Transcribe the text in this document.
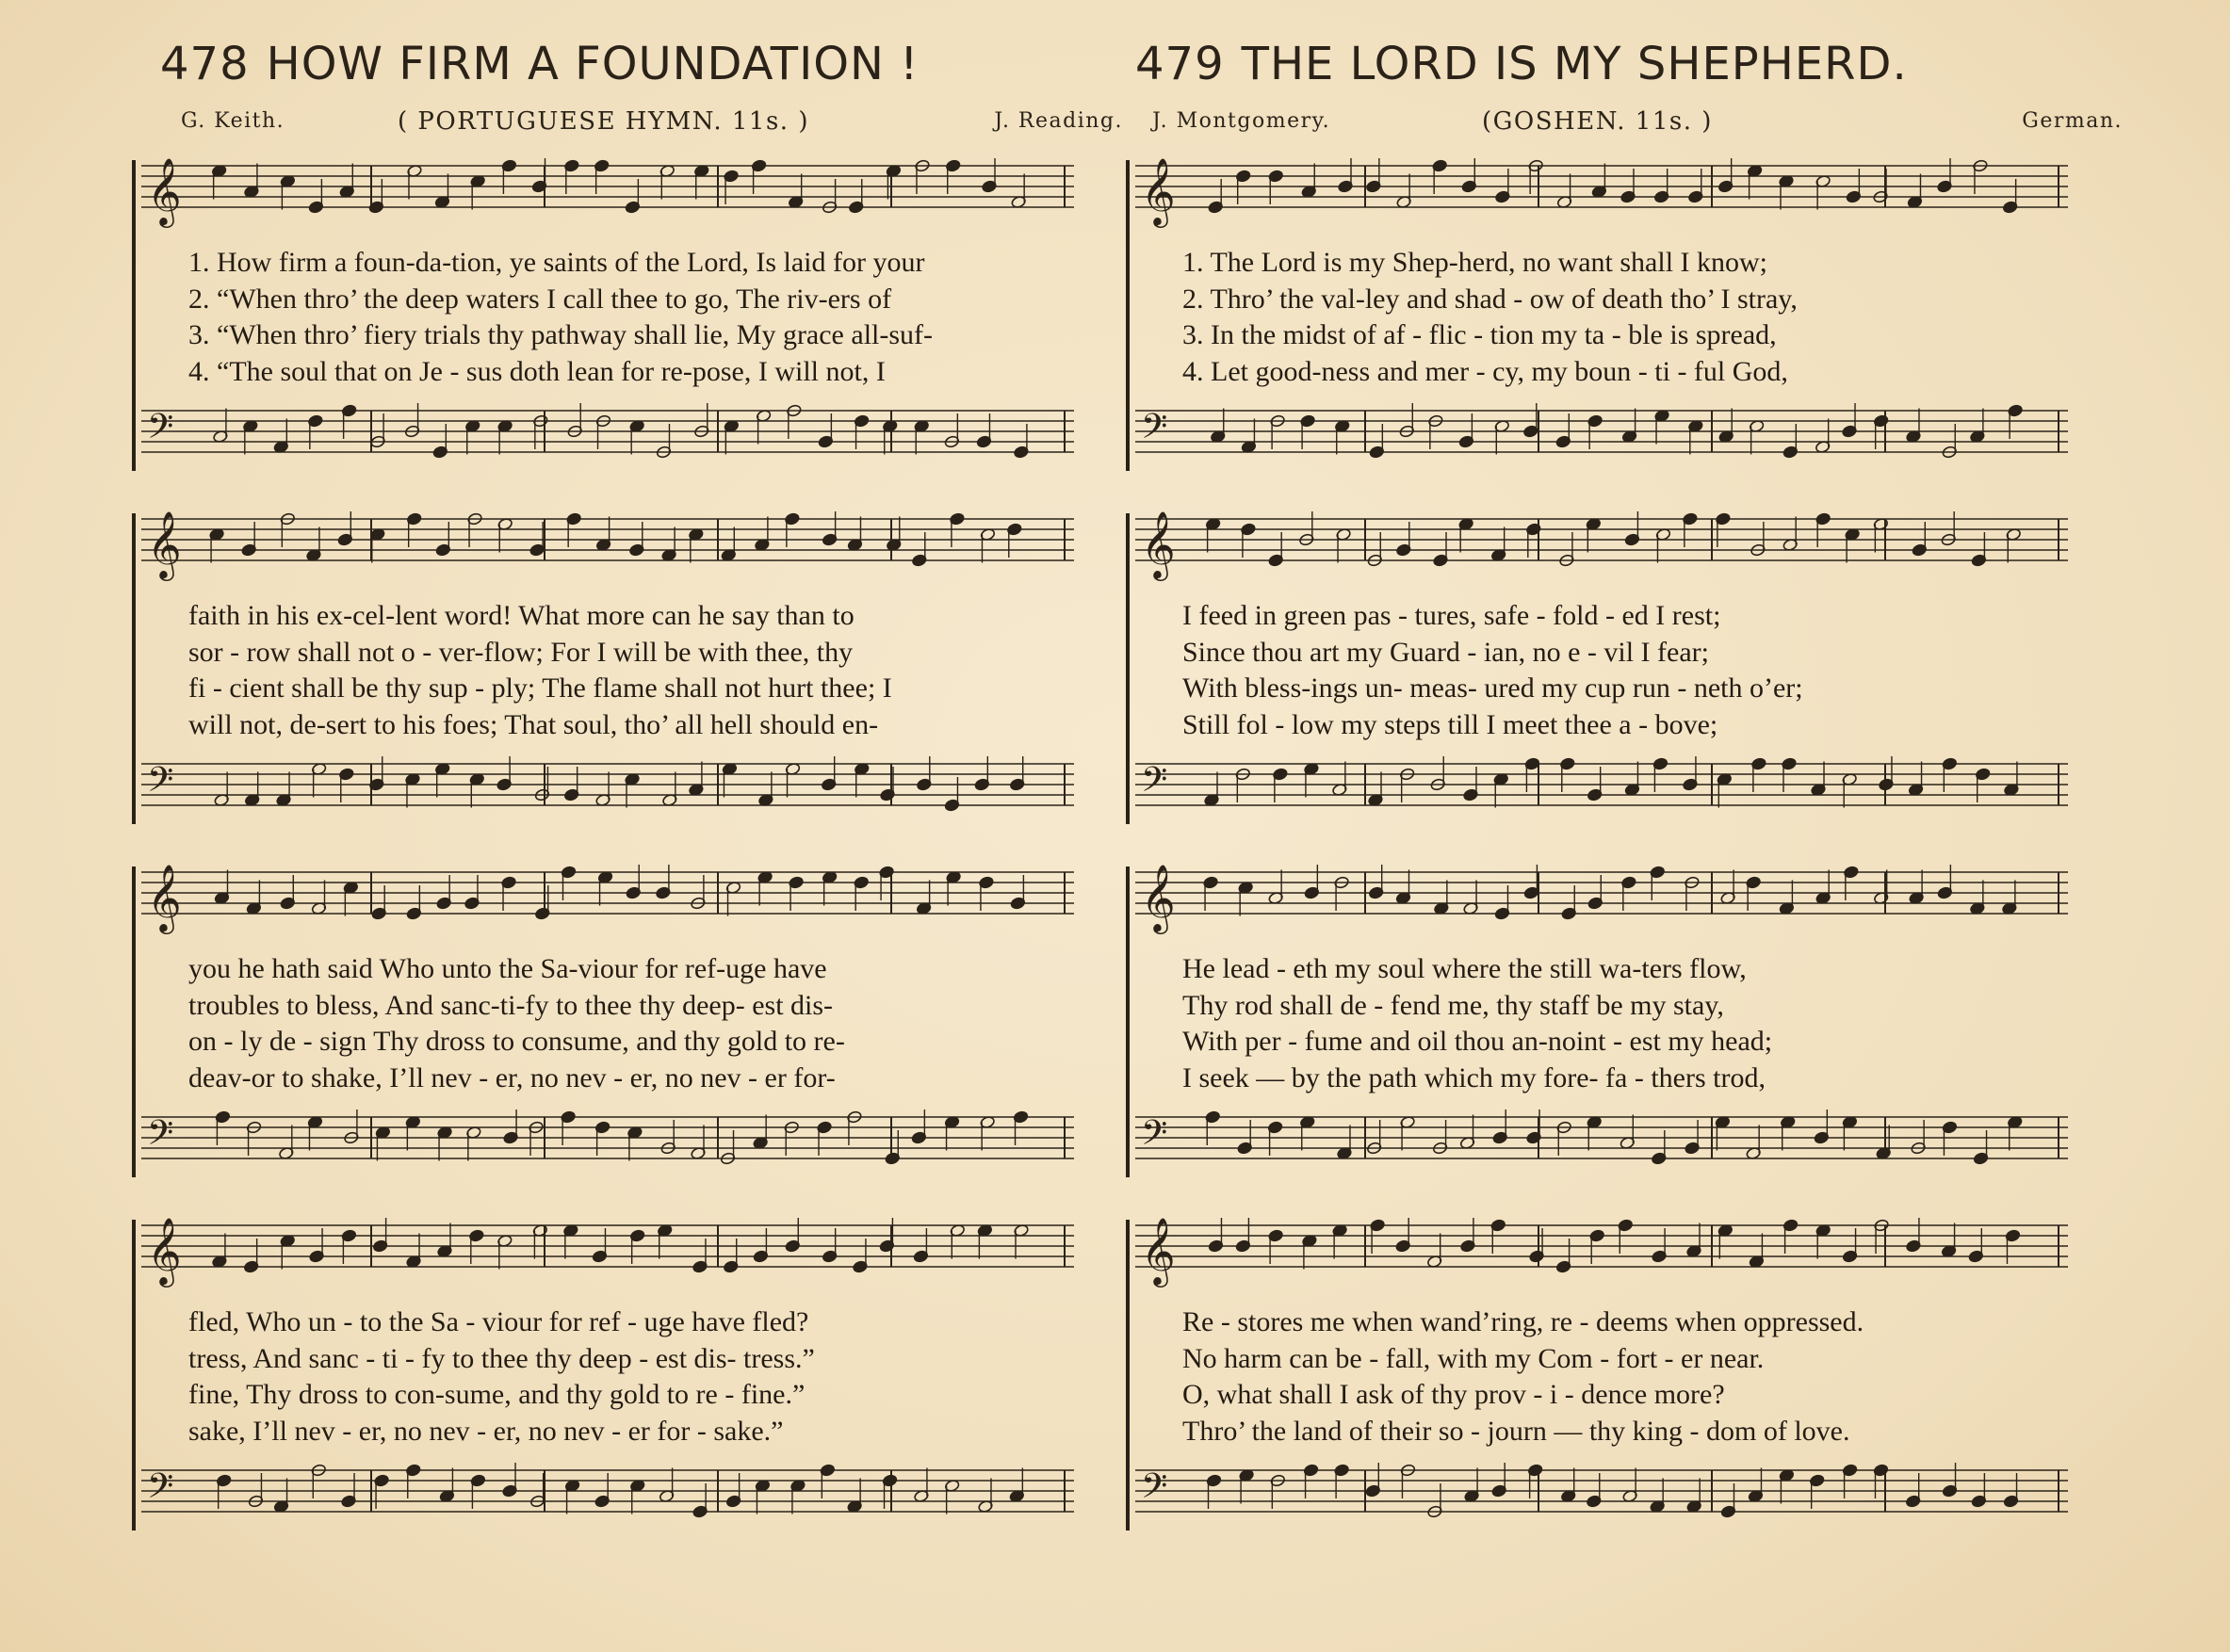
478 HOW FIRM A FOUNDATION !
G. Keith.	( PORTUGUESE HYMN. 11s. )	J. Reading.
𝄞
1. How firm a foun-da-tion, ye saints of the Lord, Is laid for your
2. “When thro’ the deep waters I call thee to go, The riv-ers of
3. “When thro’ fiery trials thy pathway shall lie, My grace all-suf-
4. “The soul that on Je - sus doth lean for re-pose, I will not, I
𝄢
𝄞
faith in his ex-cel-lent word! What more can he say than to
sor - row shall not o - ver-flow; For I will be with thee, thy
fi - cient shall be thy sup - ply; The flame shall not hurt thee; I
will not, de-sert to his foes; That soul, tho’ all hell should en-
𝄢
𝄞
you he hath said Who unto the Sa-viour for ref-uge have
troubles to bless, And sanc-ti-fy to thee thy deep- est dis-
on - ly de - sign Thy dross to consume, and thy gold to re-
deav-or to shake, I’ll nev - er, no nev - er, no nev - er for-
𝄢
𝄞
fled, Who un - to the Sa - viour for ref - uge have fled?
tress, And sanc - ti - fy to thee thy deep - est dis- tress.”
fine, Thy dross to con-sume, and thy gold to re - fine.”
sake, I’ll nev - er, no nev - er, no nev - er for - sake.”
𝄢
479 THE LORD IS MY SHEPHERD.
J. Montgomery.	(GOSHEN. 11s. )	German.
𝄞
1. The Lord is my Shep-herd, no want shall I know;
2. Thro’ the val-ley and shad - ow of death tho’ I stray,
3. In the midst of af - flic - tion my ta - ble is spread,
4. Let good-ness and mer - cy, my boun - ti - ful God,
𝄢
𝄞
I feed in green pas - tures, safe - fold - ed I rest;
Since thou art my Guard - ian, no e - vil I fear;
With bless-ings un- meas- ured my cup run - neth o’er;
Still fol - low my steps till I meet thee a - bove;
𝄢
𝄞
He lead - eth my soul where the still wa-ters flow,
Thy rod shall de - fend me, thy staff be my stay,
With per - fume and oil thou an-noint - est my head;
I seek — by the path which my fore- fa - thers trod,
𝄢
𝄞
Re - stores me when wand’ring, re - deems when oppressed.
No harm can be - fall, with my Com - fort - er near.
O, what shall I ask of thy prov - i - dence more?
Thro’ the land of their so - journ — thy king - dom of love.
𝄢
